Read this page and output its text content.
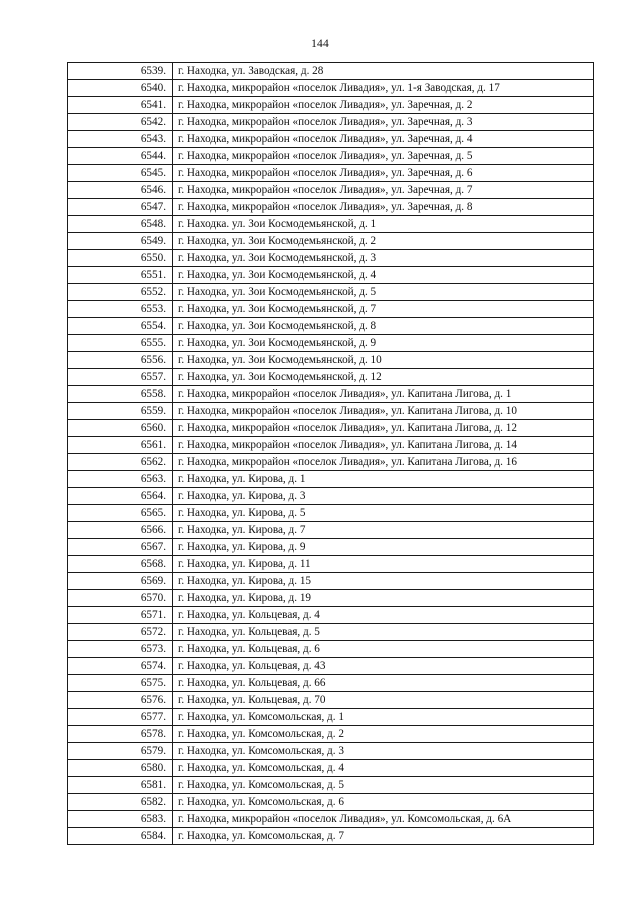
144
6539.	г. Находка, ул. Заводская, д. 28
6540.	г. Находка, микрорайон «поселок Ливадия», ул. 1-я Заводская, д. 17
6541.	г. Находка, микрорайон «поселок Ливадия», ул. Заречная, д. 2
6542.	г. Находка, микрорайон «поселок Ливадия», ул. Заречная, д. 3
6543.	г. Находка, микрорайон «поселок Ливадия», ул. Заречная, д. 4
6544.	г. Находка, микрорайон «поселок Ливадия», ул. Заречная, д. 5
6545.	г. Находка, микрорайон «поселок Ливадия», ул. Заречная, д. 6
6546.	г. Находка, микрорайон «поселок Ливадия», ул. Заречная, д. 7
6547.	г. Находка, микрорайон «поселок Ливадия», ул. Заречная, д. 8
6548.	г. Находка. ул. Зои Космодемьянской, д. 1
6549.	г. Находка, ул. Зои Космодемьянской, д. 2
6550.	г. Находка, ул. Зои Космодемьянской, д. 3
6551.	г. Находка, ул. Зои Космодемьянской, д. 4
6552.	г. Находка, ул. Зои Космодемьянской, д. 5
6553.	г. Находка, ул. Зои Космодемьянской, д. 7
6554.	г. Находка, ул. Зои Космодемьянской, д. 8
6555.	г. Находка, ул. Зои Космодемьянской, д. 9
6556.	г. Находка, ул. Зои Космодемьянской, д. 10
6557.	г. Находка, ул. Зои Космодемьянской, д. 12
6558.	г. Находка, микрорайон «поселок Ливадия», ул. Капитана Лигова, д. 1
6559.	г. Находка, микрорайон «поселок Ливадия», ул. Капитана Лигова, д. 10
6560.	г. Находка, микрорайон «поселок Ливадия», ул. Капитана Лигова, д. 12
6561.	г. Находка, микрорайон «поселок Ливадия», ул. Капитана Лигова, д. 14
6562.	г. Находка, микрорайон «поселок Ливадия», ул. Капитана Лигова, д. 16
6563.	г. Находка, ул. Кирова, д. 1
6564.	г. Находка, ул. Кирова, д. 3
6565.	г. Находка, ул. Кирова, д. 5
6566.	г. Находка, ул. Кирова, д. 7
6567.	г. Находка, ул. Кирова, д. 9
6568.	г. Находка, ул. Кирова, д. 11
6569.	г. Находка, ул. Кирова, д. 15
6570.	г. Находка, ул. Кирова, д. 19
6571.	г. Находка, ул. Кольцевая, д. 4
6572.	г. Находка, ул. Кольцевая, д. 5
6573.	г. Находка, ул. Кольцевая, д. 6
6574.	г. Находка, ул. Кольцевая, д. 43
6575.	г. Находка, ул. Кольцевая, д. 66
6576.	г. Находка, ул. Кольцевая, д. 70
6577.	г. Находка, ул. Комсомольская, д. 1
6578.	г. Находка, ул. Комсомольская, д. 2
6579.	г. Находка, ул. Комсомольская, д. 3
6580.	г. Находка, ул. Комсомольская, д. 4
6581.	г. Находка, ул. Комсомольская, д. 5
6582.	г. Находка, ул. Комсомольская, д. 6
6583.	г. Находка, микрорайон «поселок Ливадия», ул. Комсомольская, д. 6А
6584.	г. Находка, ул. Комсомольская, д. 7
